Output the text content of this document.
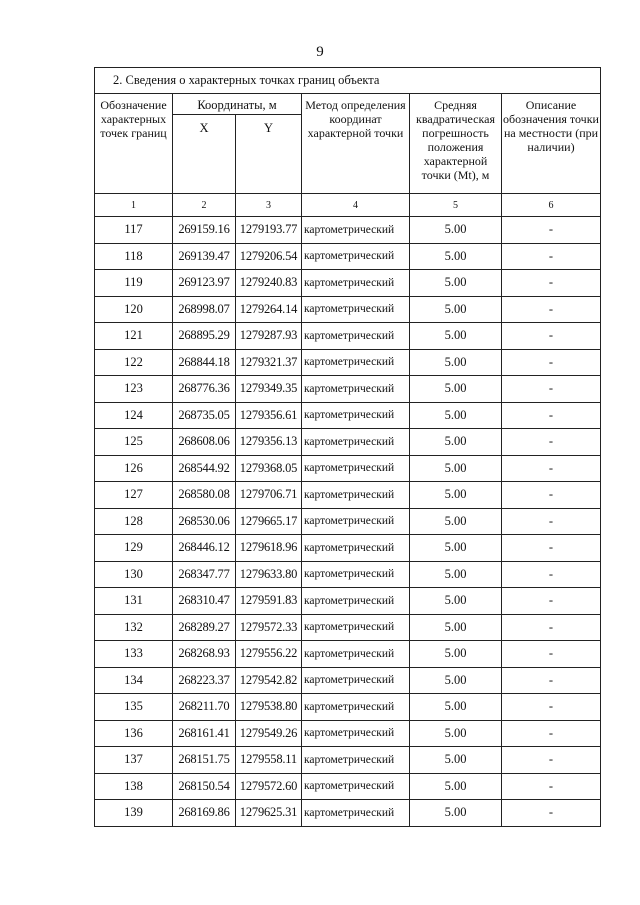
9
2. Сведения о характерных точках границ объекта					
Обозначение характерных точек границ	Координаты, м		Метод определения координат характерной точки	Средняя квадратическая погрешность положения характерной точки (Mt), м	Описание обозначения точки на местности (при наличии)
	X	Y			
1	2	3	4	5	6
117	269159.16	1279193.77	картометрический	5.00	-
118	269139.47	1279206.54	картометрический	5.00	-
119	269123.97	1279240.83	картометрический	5.00	-
120	268998.07	1279264.14	картометрический	5.00	-
121	268895.29	1279287.93	картометрический	5.00	-
122	268844.18	1279321.37	картометрический	5.00	-
123	268776.36	1279349.35	картометрический	5.00	-
124	268735.05	1279356.61	картометрический	5.00	-
125	268608.06	1279356.13	картометрический	5.00	-
126	268544.92	1279368.05	картометрический	5.00	-
127	268580.08	1279706.71	картометрический	5.00	-
128	268530.06	1279665.17	картометрический	5.00	-
129	268446.12	1279618.96	картометрический	5.00	-
130	268347.77	1279633.80	картометрический	5.00	-
131	268310.47	1279591.83	картометрический	5.00	-
132	268289.27	1279572.33	картометрический	5.00	-
133	268268.93	1279556.22	картометрический	5.00	-
134	268223.37	1279542.82	картометрический	5.00	-
135	268211.70	1279538.80	картометрический	5.00	-
136	268161.41	1279549.26	картометрический	5.00	-
137	268151.75	1279558.11	картометрический	5.00	-
138	268150.54	1279572.60	картометрический	5.00	-
139	268169.86	1279625.31	картометрический	5.00	-
